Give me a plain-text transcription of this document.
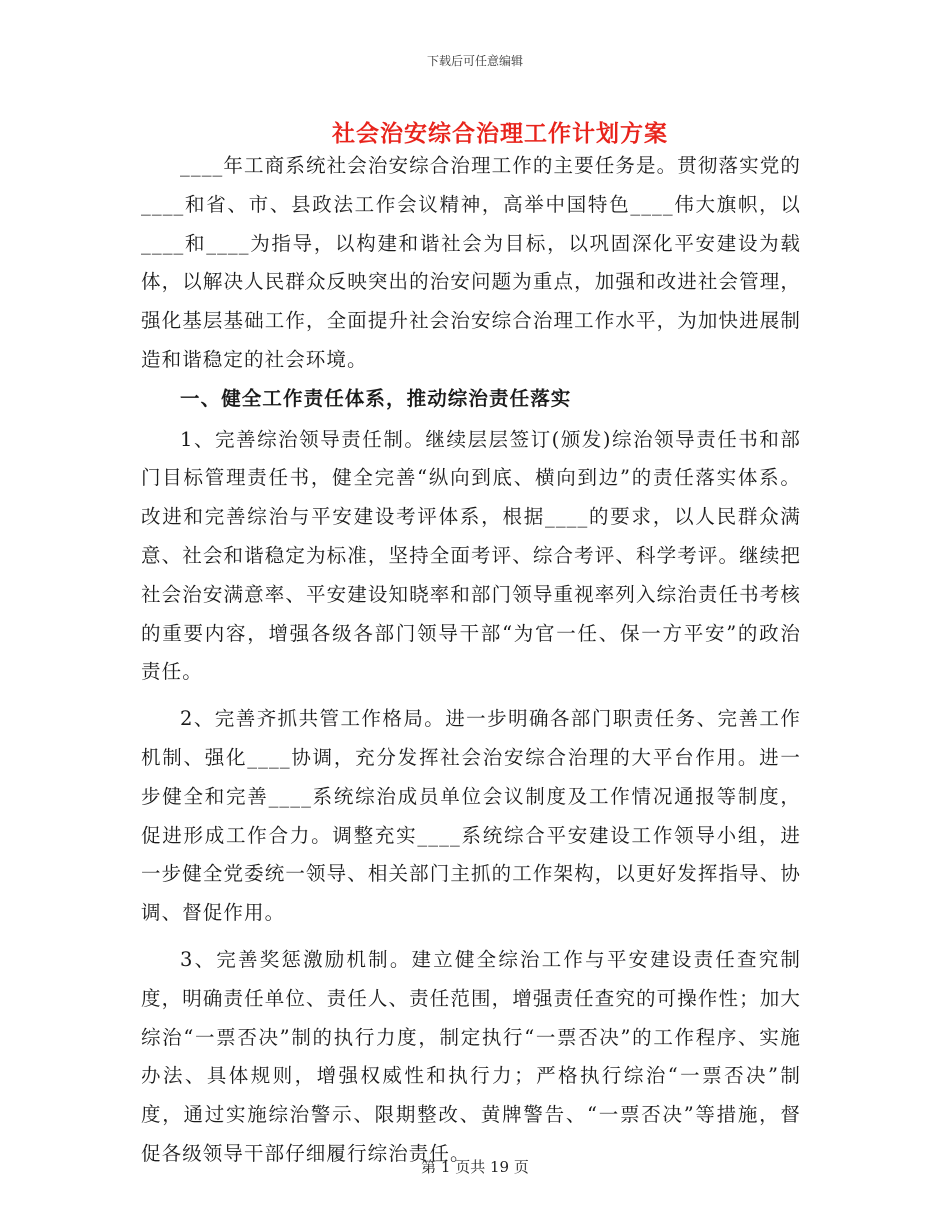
下载后可任意编辑
社会治安综合治理工作计划方案

____年工商系统社会治安综合治理工作的主要任务是。贯彻落实党的____和省、市、县政法工作会议精神，高举中国特色____伟大旗帜，以____和____为指导，以构建和谐社会为目标，以巩固深化平安建设为载体，以解决人民群众反映突出的治安问题为重点，加强和改进社会管理，强化基层基础工作，全面提升社会治安综合治理工作水平，为加快进展制造和谐稳定的社会环境。

一、健全工作责任体系，推动综治责任落实

1、完善综治领导责任制。继续层层签订(颁发)综治领导责任书和部门目标管理责任书，健全完善“纵向到底、横向到边”的责任落实体系。改进和完善综治与平安建设考评体系，根据____的要求，以人民群众满意、社会和谐稳定为标准，坚持全面考评、综合考评、科学考评。继续把社会治安满意率、平安建设知晓率和部门领导重视率列入综治责任书考核的重要内容，增强各级各部门领导干部“为官一任、保一方平安”的政治责任。

2、完善齐抓共管工作格局。进一步明确各部门职责任务、完善工作机制、强化____协调，充分发挥社会治安综合治理的大平台作用。进一步健全和完善____系统综治成员单位会议制度及工作情况通报等制度，促进形成工作合力。调整充实____系统综合平安建设工作领导小组，进一步健全党委统一领导、相关部门主抓的工作架构，以更好发挥指导、协调、督促作用。

3、完善奖惩激励机制。建立健全综治工作与平安建设责任查究制度，明确责任单位、责任人、责任范围，增强责任查究的可操作性；加大综治“一票否决”制的执行力度，制定执行“一票否决”的工作程序、实施办法、具体规则，增强权威性和执行力；严格执行综治“一票否决”制度，通过实施综治警示、限期整改、黄牌警告、“一票否决”等措施，督促各级领导干部仔细履行综治责任。

第 1 页共 19 页
